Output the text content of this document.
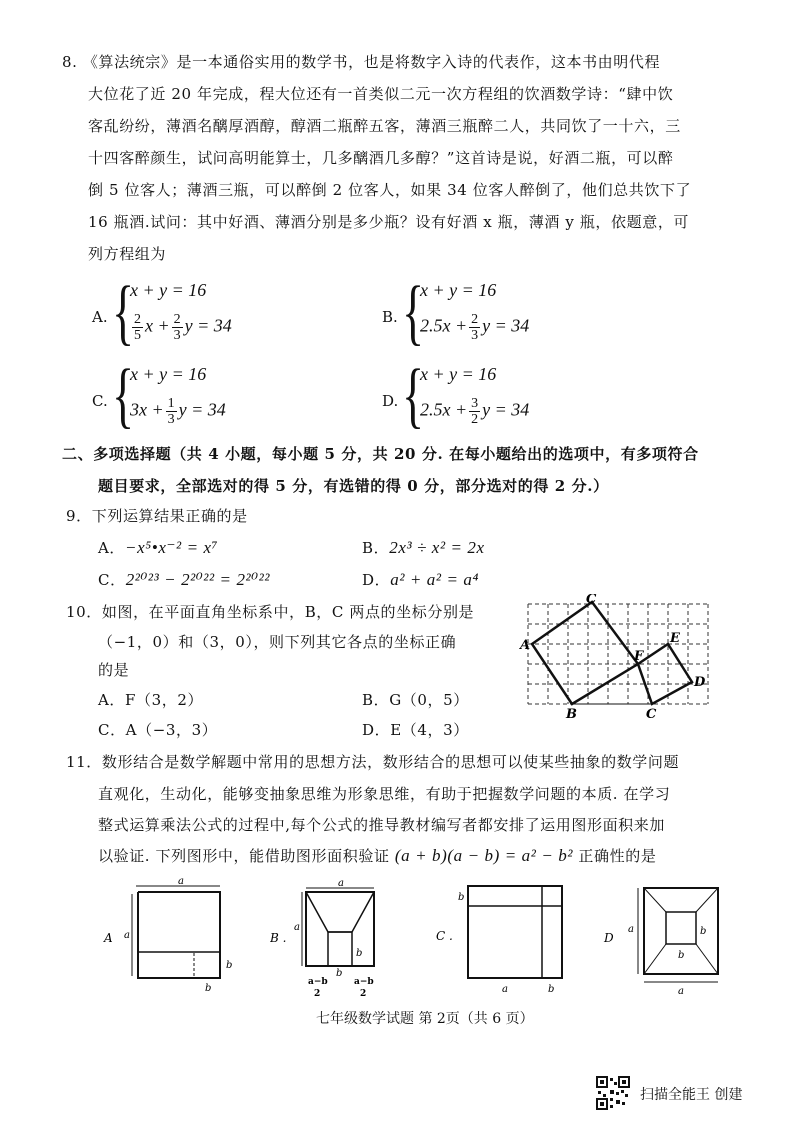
8. 《算法统宗》是一本通俗实用的数学书，也是将数字入诗的代表作，这本书由明代程
大位花了近 20 年完成，程大位还有一首类似二元一次方程组的饮酒数学诗：“肆中饮
客乱纷纷，薄酒名醨厚酒醇，醇酒二瓶醉五客，薄酒三瓶醉二人，共同饮了一十六，三
十四客醉颜生，试问高明能算士，几多醨酒几多醇？”这首诗是说，好酒二瓶，可以醉
倒 5 位客人；薄酒三瓶，可以醉倒 2 位客人，如果 34 位客人醉倒了，他们总共饮下了
16 瓶酒.试问：其中好酒、薄酒分别是多少瓶？设有好酒 x 瓶，薄酒 y 瓶，依题意，可
列方程组为
A. {
x + y = 16
$\frac{2}{5}$ $x + \frac{2}{3}$ y = 34	B. {
x + y = 16
$2.5x + \frac{2}{3}$ y = 34
C. {
x + y = 16
$3x + \frac{1}{3}$ y = 34	D. {
x + y = 16
$2.5x + \frac{3}{2}$ y = 34
二、多项选择题（共 4 小题，每小题 5 分，共 20 分. 在每小题给出的选项中，有多项符合
题目要求，全部选对的得 5 分，有选错的得 0 分，部分选对的得 2 分.）
9．下列运算结果正确的是
A．−x⁵•x⁻² = x⁷	B．2x³ ÷ x² = 2x
C．2²⁰²³ − 2²⁰²² = 2²⁰²²	D．a² + a² = a⁴
10．如图，在平面直角坐标系中，B，C 两点的坐标分别是
（−1，0）和（3，0），则下列其它各点的坐标正确
的是
A．F（3，2）	B．G（0，5）
C．A（−3，3）	D．E（4，3）
A
C
B	C
E
F
D
11．数形结合是数学解题中常用的思想方法，数形结合的思想可以使某些抽象的数学问题
直观化，生动化，能够变抽象思维为形象思维，有助于把握数学问题的本质. 在学习
整式运算乘法公式的过程中,每个公式的推导教材编写者都安排了运用图形面积来加
以验证. 下列图形中，能借助图形面积验证 (a + b)(a − b) = a² − b² 正确性的是
A
a
a
b
b
B .
a
a
b
b
a−b
2
a−b
2
C .
b
b
a
D
a	b
b
a
七年级数学试题 第 2页（共 6 页）
扫描全能王 创建
